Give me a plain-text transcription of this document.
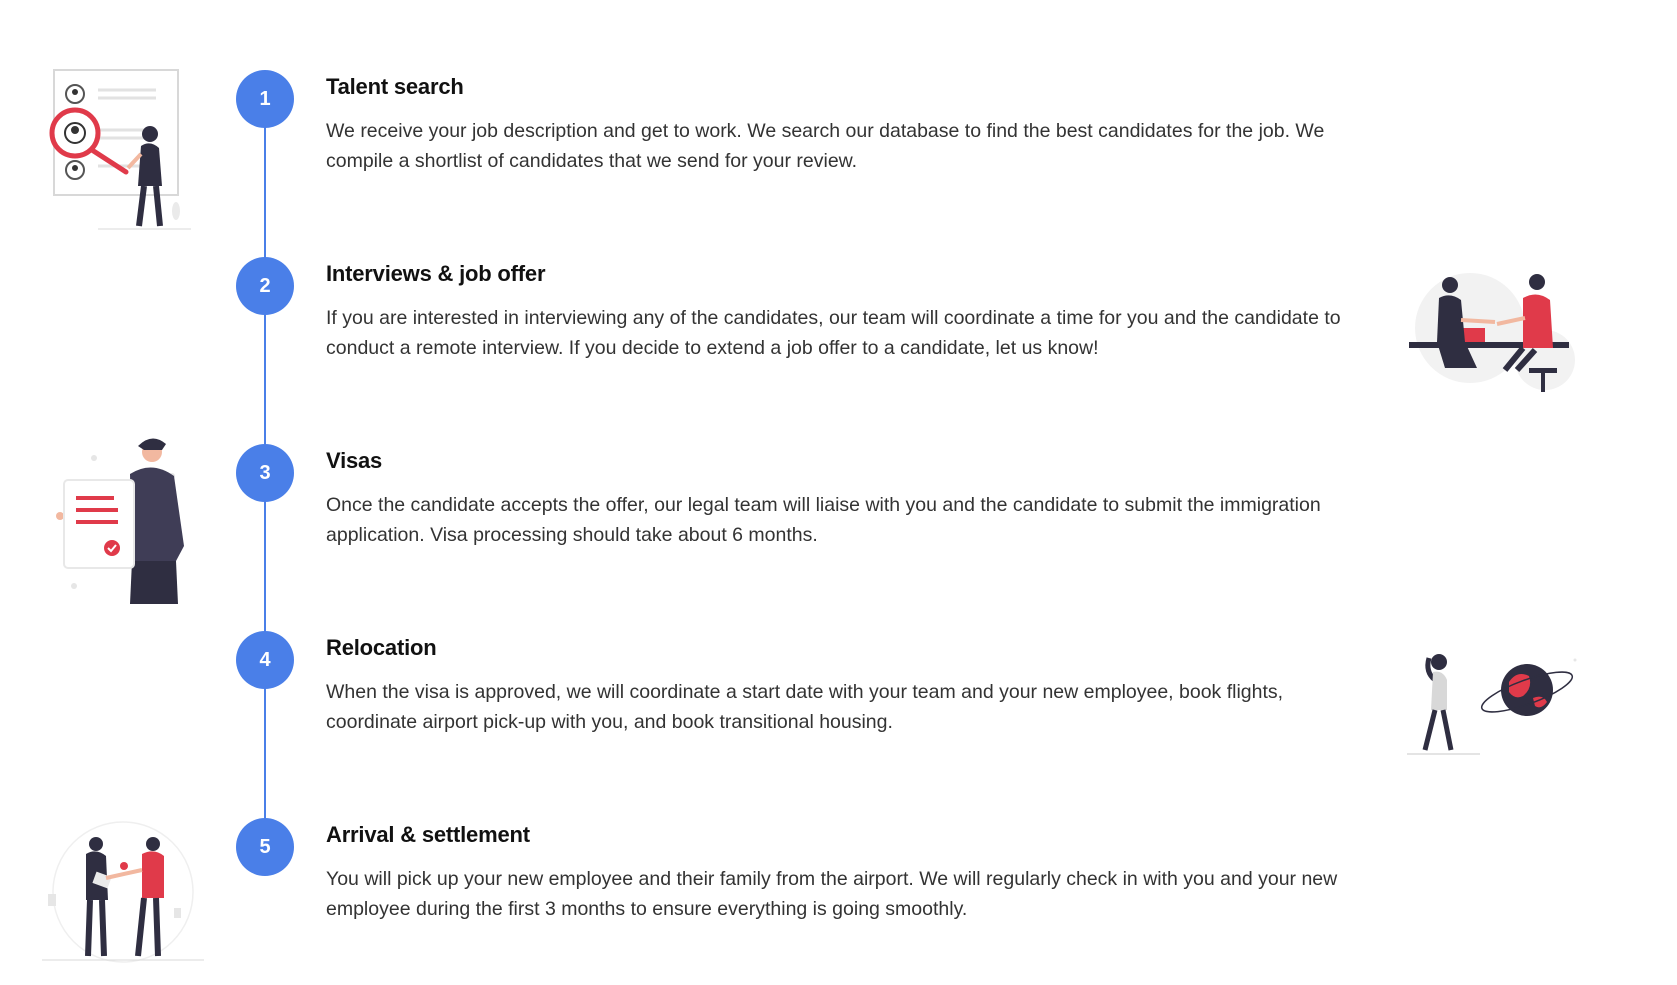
1	Talent search

We receive your job description and get to work. We search our database to find the best candidates for the job. We compile a shortlist of candidates that we send for your review.

2	Interviews & job offer

If you are interested in interviewing any of the candidates, our team will coordinate a time for you and the candidate to conduct a remote interview. If you decide to extend a job offer to a candidate, let us know!

3	Visas

Once the candidate accepts the offer, our legal team will liaise with you and the candidate to submit the immigration application. Visa processing should take about 6 months.

4	Relocation

When the visa is approved, we will coordinate a start date with your team and your new employee, book flights, coordinate airport pick-up with you, and book transitional housing.

5	Arrival & settlement

You will pick up your new employee and their family from the airport. We will regularly check in with you and your new employee during the first 3 months to ensure everything is going smoothly.
